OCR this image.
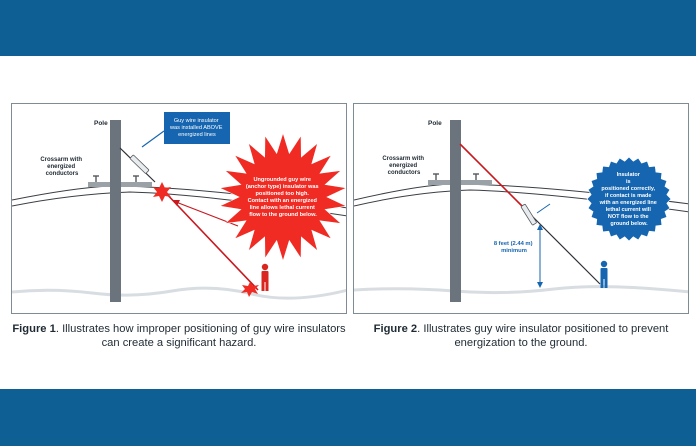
Pole
Crossarm with energized conductors
Guy wire insulator was installed ABOVE energized lines
Ungrounded guy wire (anchor type) insulator was positioned too high. Contact with an energized line allows lethal current flow to the ground below.
Pole
Crossarm with energized conductors
8 feet (2.44 m) minimum
Insulator is positioned correctly, if contact is made with an energized line lethal current will NOT flow to the ground below.
Figure 1. Illustrates how improper positioning of guy wire insulators can create a significant hazard.
Figure 2. Illustrates guy wire insulator positioned to prevent energization to the ground.
